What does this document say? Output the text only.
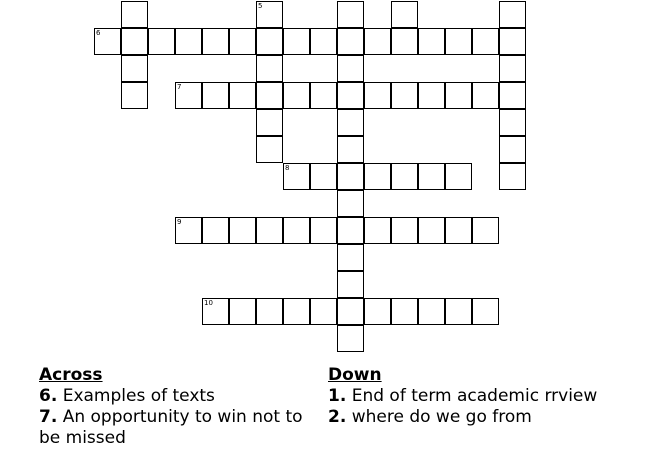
5
6
7
8
9
10
Across
6. Examples of texts
7. An opportunity to win not to be missed
Down
1. End of term academic rrview
2. where do we go from
